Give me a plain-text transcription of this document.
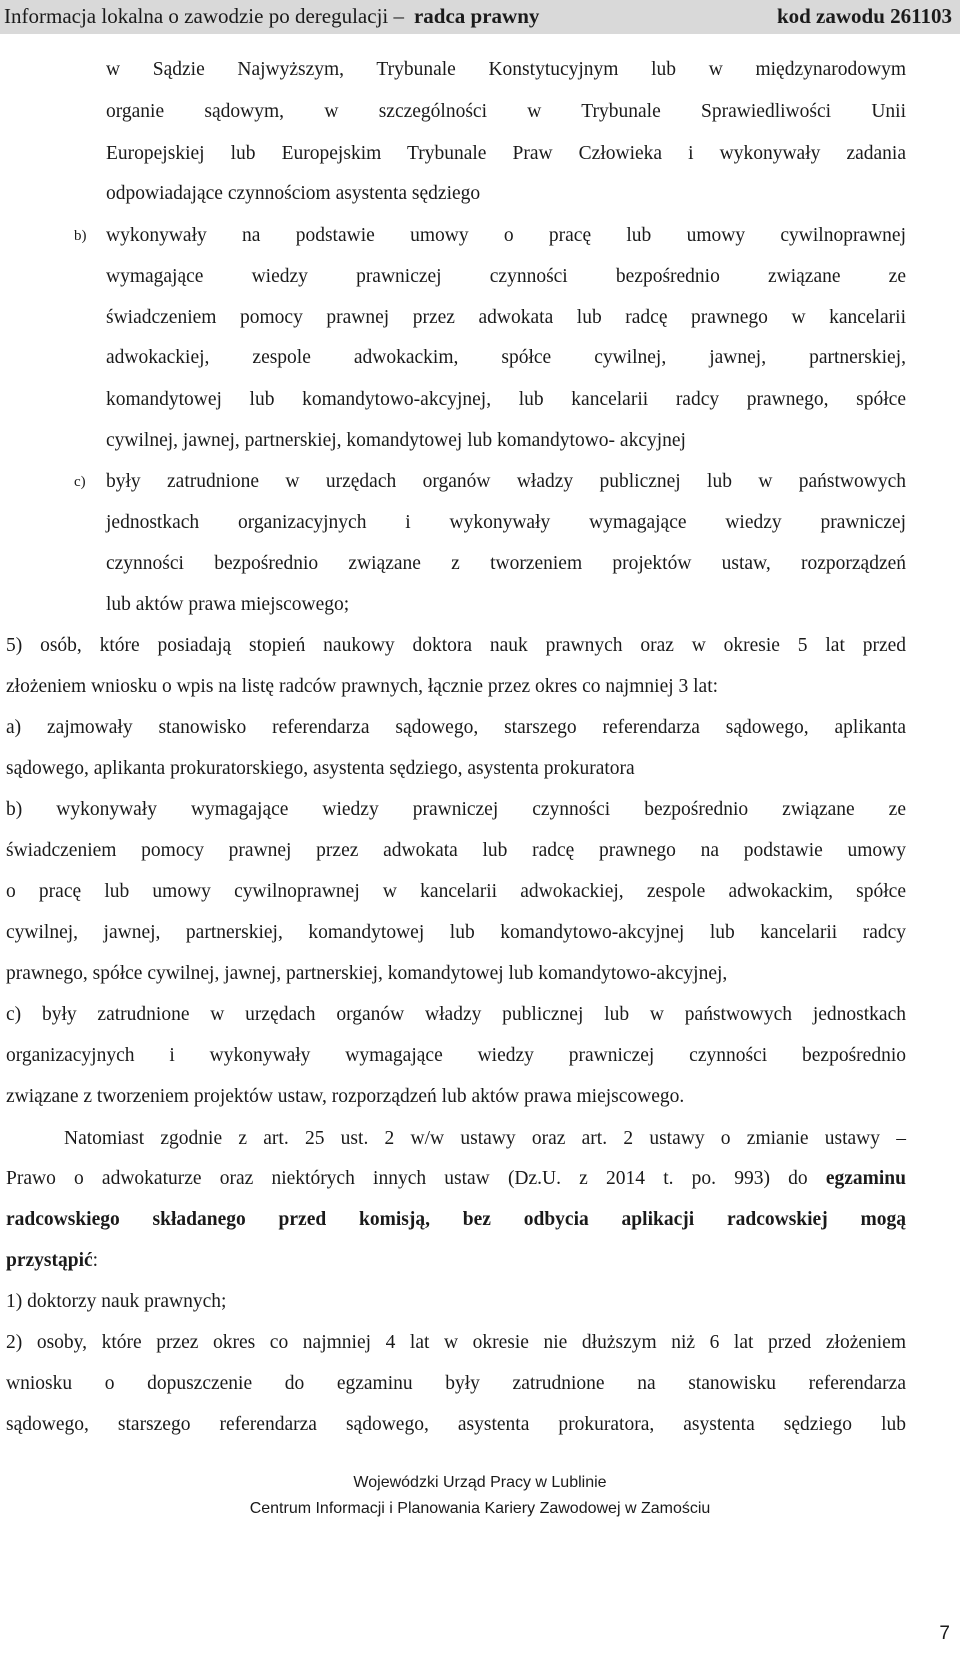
Informacja lokalna o zawodzie po deregulacji – radca prawny	kod zawodu 261103
w Sądzie Najwyższym, Trybunale Konstytucyjnym lub w międzynarodowym
organie sądowym, w szczególności w Trybunale Sprawiedliwości Unii
Europejskiej lub Europejskim Trybunale Praw Człowieka i wykonywały zadania
odpowiadające czynnościom asystenta sędziego
b) wykonywały na podstawie umowy o pracę lub umowy cywilnoprawnej
wymagające wiedzy prawniczej czynności bezpośrednio związane ze
świadczeniem pomocy prawnej przez adwokata lub radcę prawnego w kancelarii
adwokackiej, zespole adwokackim, spółce cywilnej, jawnej, partnerskiej,
komandytowej lub komandytowo-akcyjnej, lub kancelarii radcy prawnego, spółce
cywilnej, jawnej, partnerskiej, komandytowej lub komandytowo- akcyjnej
c) były zatrudnione w urzędach organów władzy publicznej lub w państwowych
jednostkach organizacyjnych i wykonywały wymagające wiedzy prawniczej
czynności bezpośrednio związane z tworzeniem projektów ustaw, rozporządzeń
lub aktów prawa miejscowego;
5) osób, które posiadają stopień naukowy doktora nauk prawnych oraz w okresie 5 lat przed
złożeniem wniosku o wpis na listę radców prawnych, łącznie przez okres co najmniej 3 lat:
a) zajmowały stanowisko referendarza sądowego, starszego referendarza sądowego, aplikanta
sądowego, aplikanta prokuratorskiego, asystenta sędziego, asystenta prokuratora
b) wykonywały wymagające wiedzy prawniczej czynności bezpośrednio związane ze
świadczeniem pomocy prawnej przez adwokata lub radcę prawnego na podstawie umowy
o pracę lub umowy cywilnoprawnej w kancelarii adwokackiej, zespole adwokackim, spółce
cywilnej, jawnej, partnerskiej, komandytowej lub komandytowo-akcyjnej lub kancelarii radcy
prawnego, spółce cywilnej, jawnej, partnerskiej, komandytowej lub komandytowo-akcyjnej,
c) były zatrudnione w urzędach organów władzy publicznej lub w państwowych jednostkach
organizacyjnych i wykonywały wymagające wiedzy prawniczej czynności bezpośrednio
związane z tworzeniem projektów ustaw, rozporządzeń lub aktów prawa miejscowego.
Natomiast zgodnie z art. 25 ust. 2 w/w ustawy oraz art. 2 ustawy o zmianie ustawy –
Prawo o adwokaturze oraz niektórych innych ustaw (Dz.U. z 2014 t. po. 993) do egzaminu
radcowskiego składanego przed komisją, bez odbycia aplikacji radcowskiej mogą
przystąpić:
1) doktorzy nauk prawnych;
2) osoby, które przez okres co najmniej 4 lat w okresie nie dłuższym niż 6 lat przed złożeniem
wniosku o dopuszczenie do egzaminu były zatrudnione na stanowisku referendarza
sądowego, starszego referendarza sądowego, asystenta prokuratora, asystenta sędziego lub
Wojewódzki Urząd Pracy w Lublinie
Centrum Informacji i Planowania Kariery Zawodowej w Zamościu
7
